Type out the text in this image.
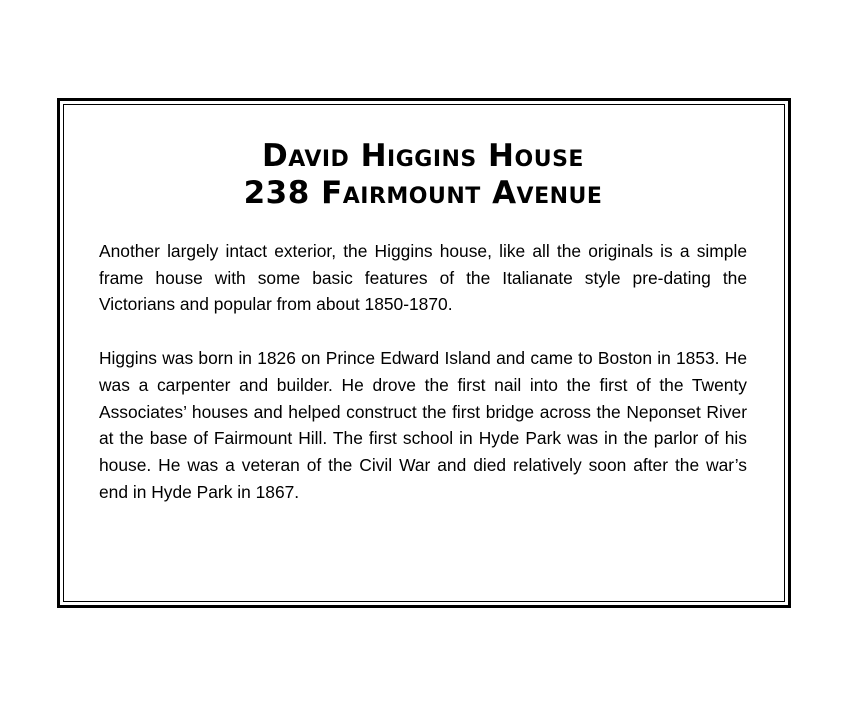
David Higgins House
238 Fairmount Avenue

Another largely intact exterior, the Higgins house, like all the originals is a simple frame house with some basic features of the Italianate style pre-dating the Victorians and popular from about 1850-1870.

Higgins was born in 1826 on Prince Edward Island and came to Boston in 1853. He was a carpenter and builder. He drove the first nail into the first of the Twenty Associates’ houses and helped construct the first bridge across the Neponset River at the base of Fairmount Hill. The first school in Hyde Park was in the parlor of his house. He was a veteran of the Civil War and died relatively soon after the war’s end in Hyde Park in 1867.
